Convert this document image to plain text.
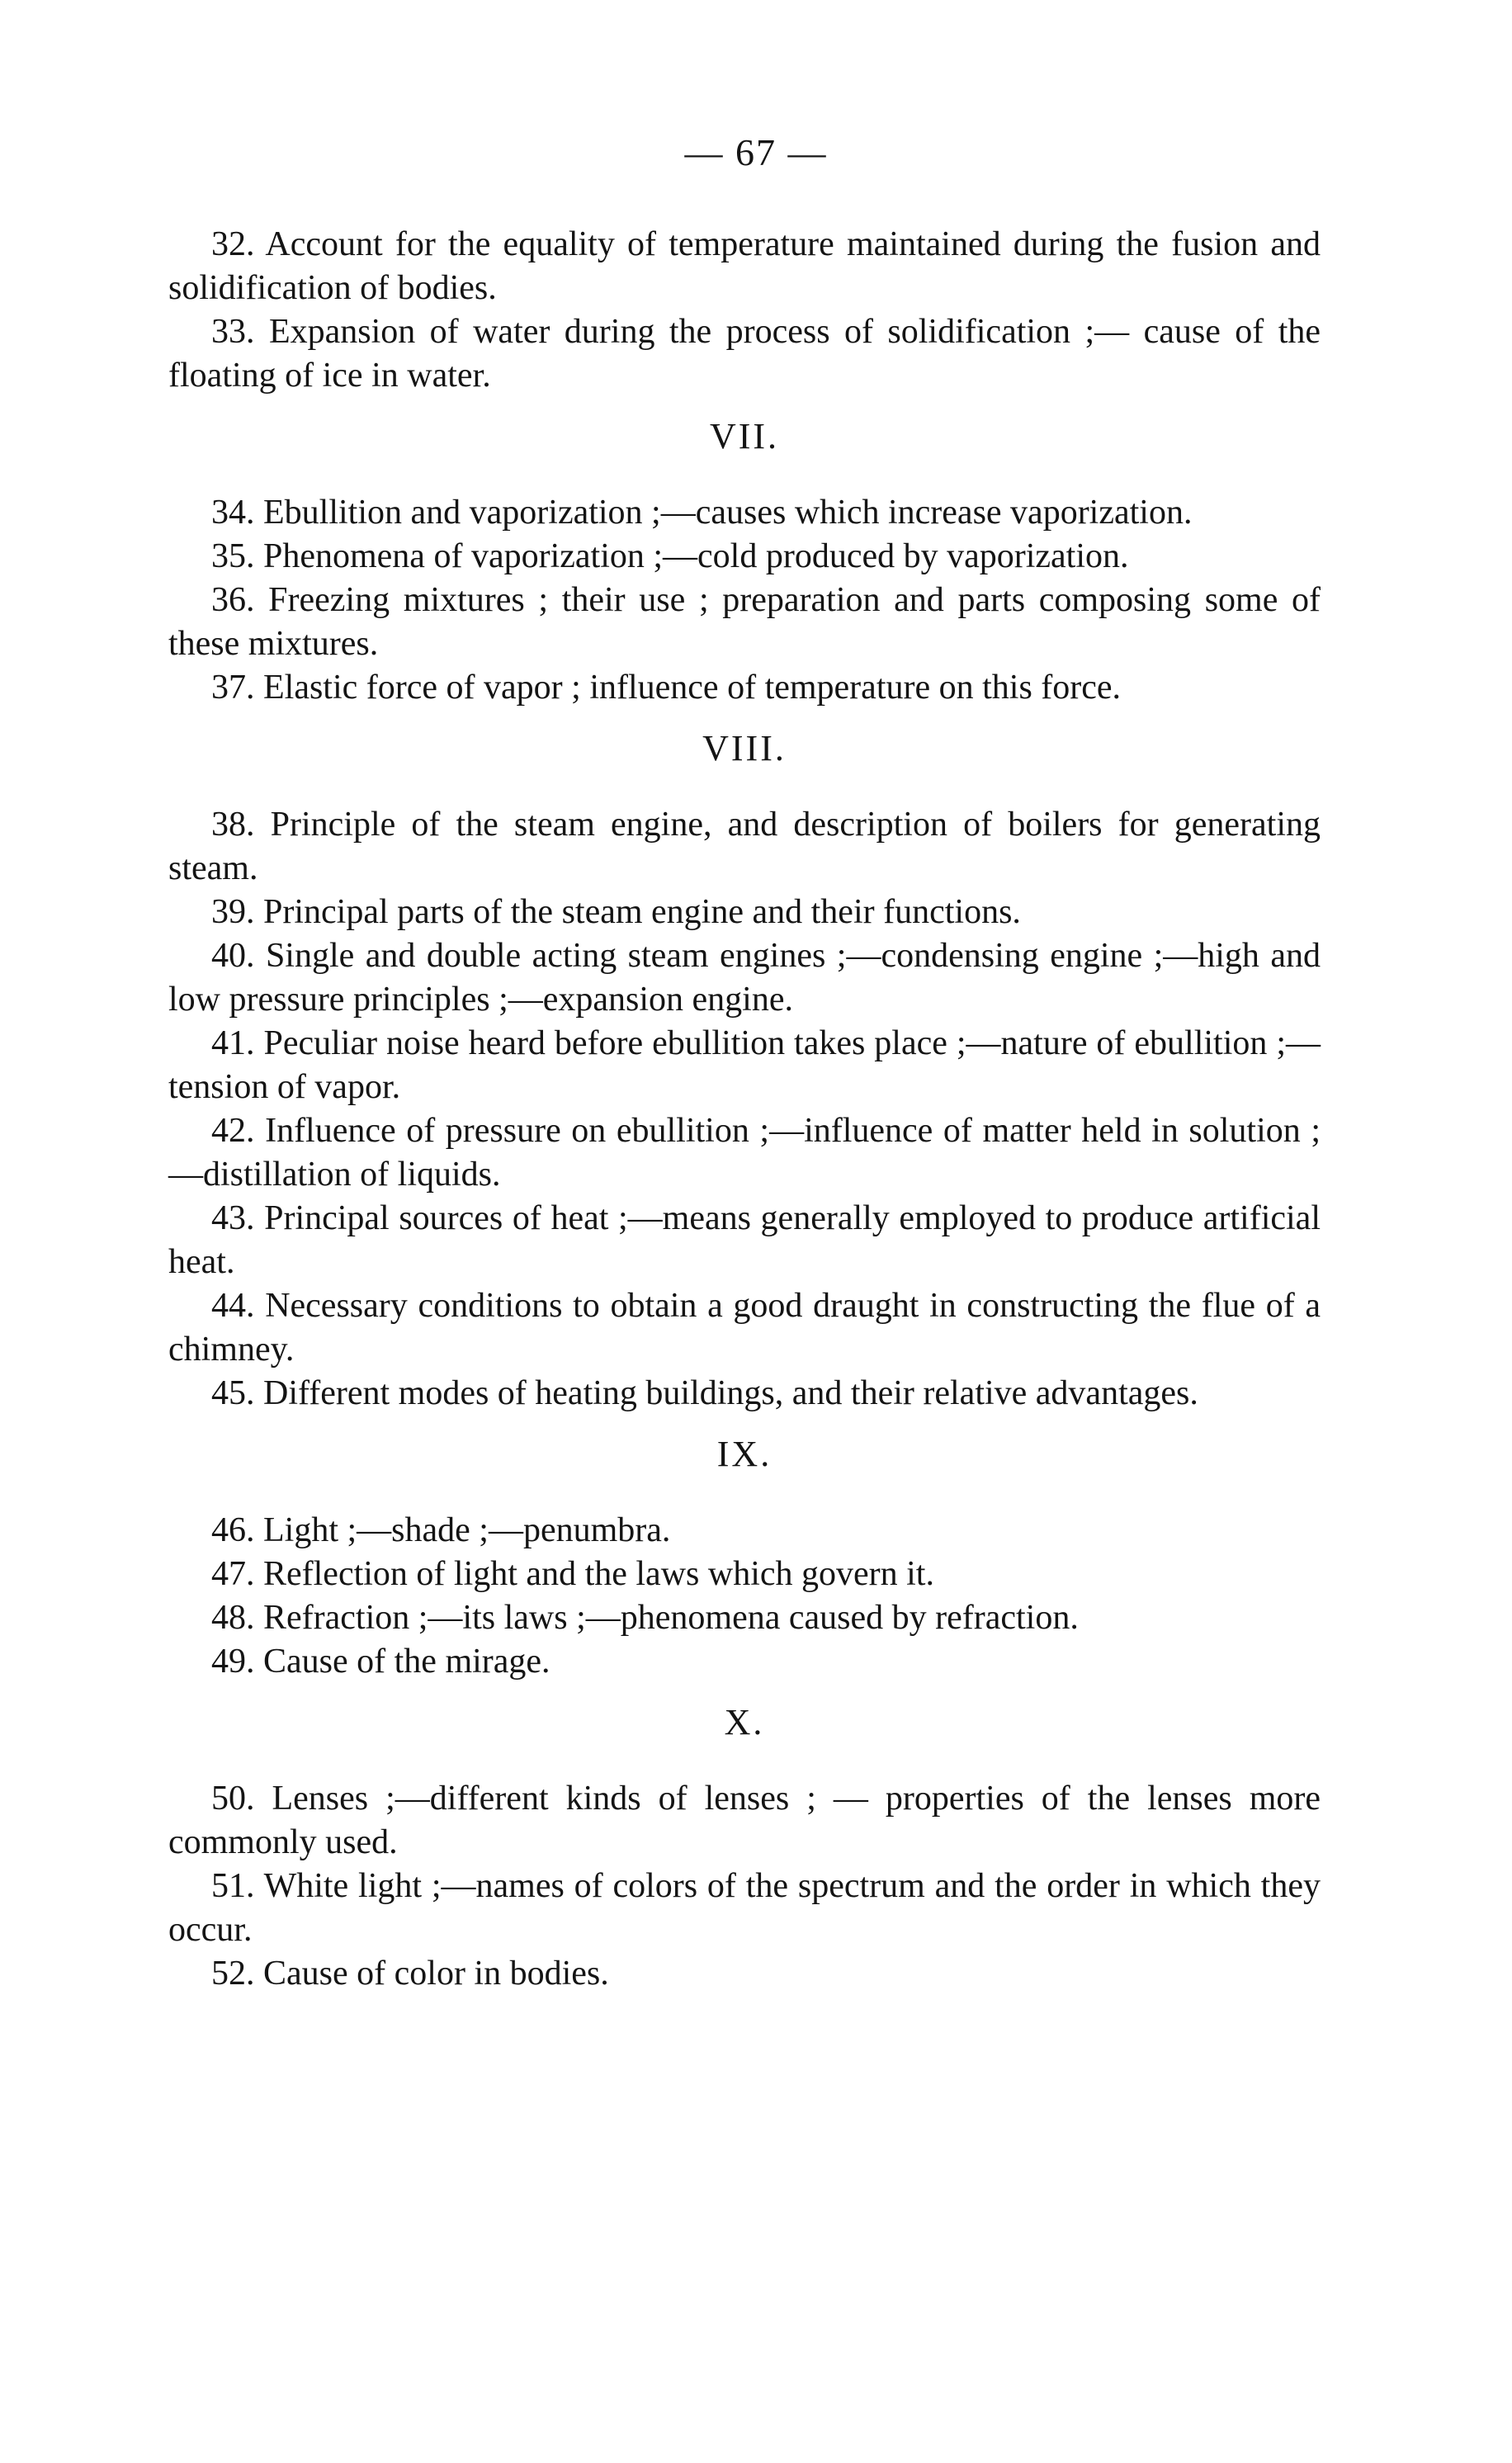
— 67 —

32. Account for the equality of temperature maintained during the fusion and solidification of bodies.

33. Expansion of water during the process of solidification ;— cause of the floating of ice in water.

VII.

34. Ebullition and vaporization ;—causes which increase vaporization.

35. Phenomena of vaporization ;—cold produced by vaporization.

36. Freezing mixtures ; their use ; preparation and parts composing some of these mixtures.

37. Elastic force of vapor ; influence of temperature on this force.

VIII.

38. Principle of the steam engine, and description of boilers for generating steam.

39. Principal parts of the steam engine and their functions.

40. Single and double acting steam engines ;—condensing engine ;—high and low pressure principles ;—expansion engine.

41. Peculiar noise heard before ebullition takes place ;—nature of ebullition ;— tension of vapor.

42. Influence of pressure on ebullition ;—influence of matter held in solution ;—distillation of liquids.

43. Principal sources of heat ;—means generally employed to produce artificial heat.

44. Necessary conditions to obtain a good draught in constructing the flue of a chimney.

45. Different modes of heating buildings, and their relative advantages.

IX.

46. Light ;—shade ;—penumbra.

47. Reflection of light and the laws which govern it.

48. Refraction ;—its laws ;—phenomena caused by refraction.

49. Cause of the mirage.

X.

50. Lenses ;—different kinds of lenses ; — properties of the lenses more commonly used.

51. White light ;—names of colors of the spectrum and the order in which they occur.

52. Cause of color in bodies.
